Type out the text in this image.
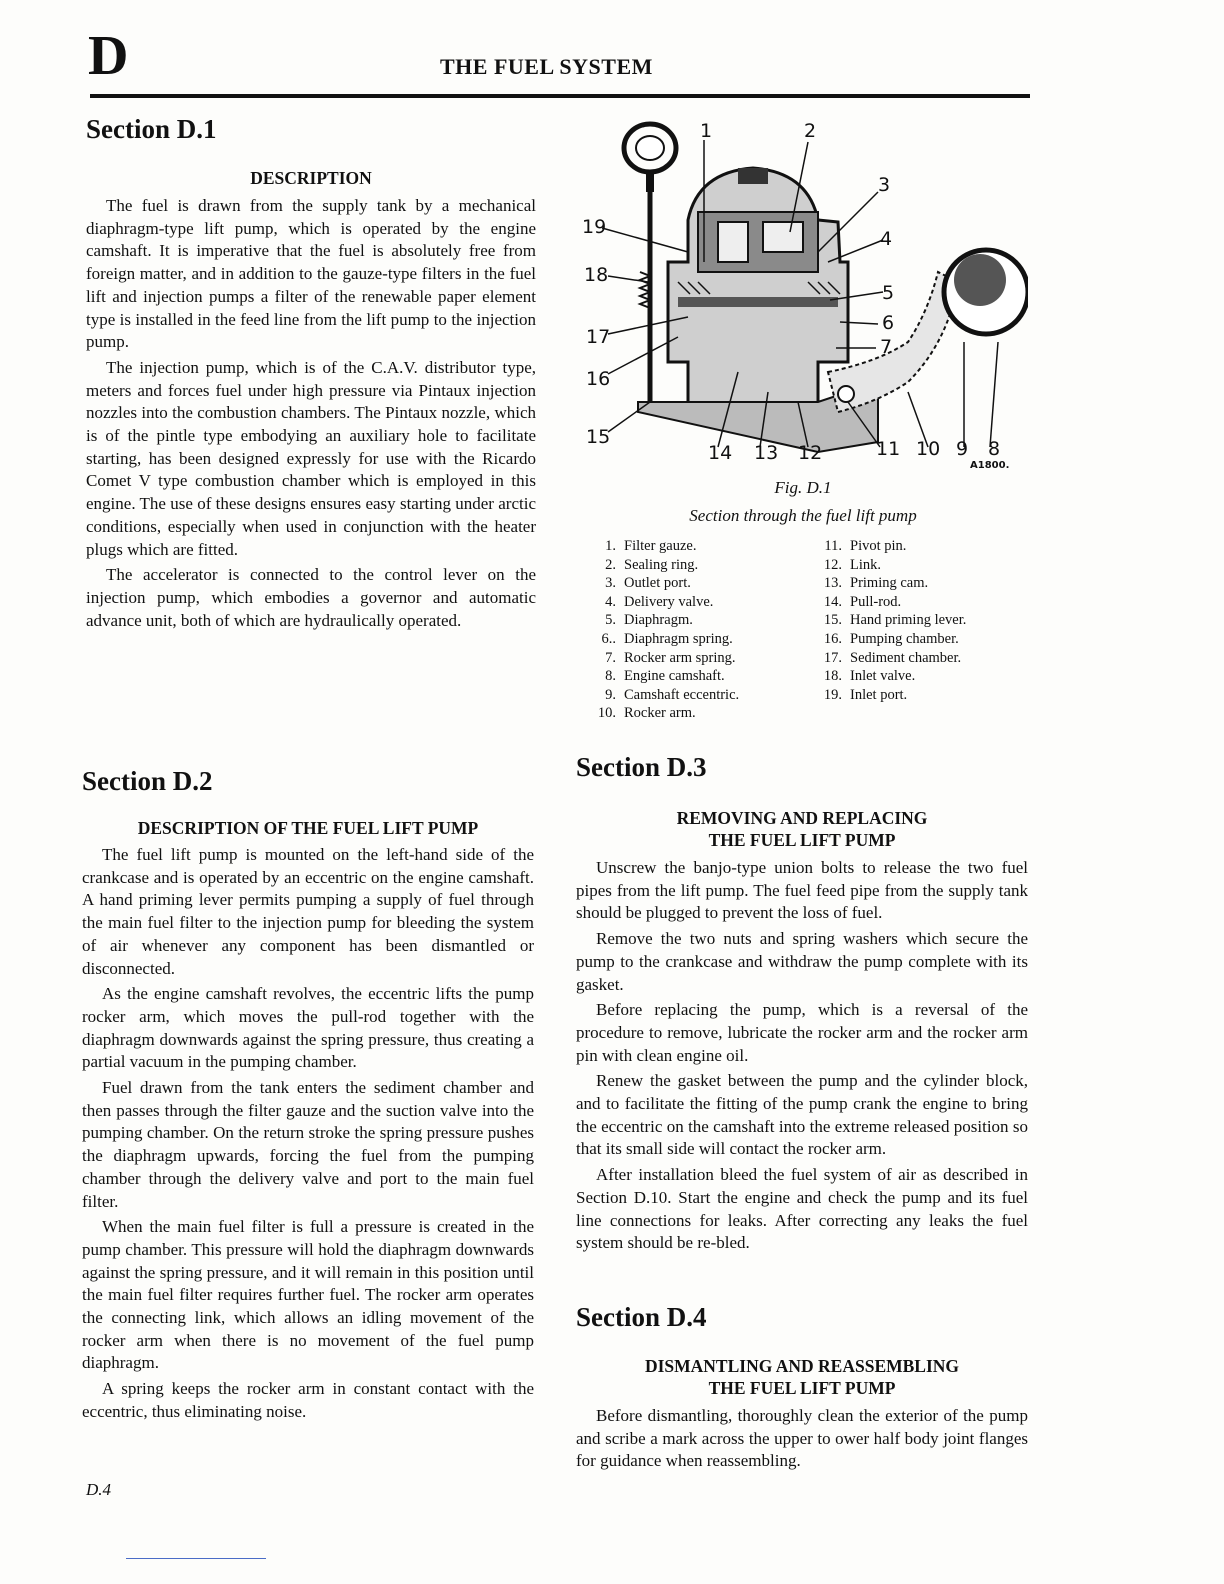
D	THE FUEL SYSTEM
Section D.1
DESCRIPTION

The fuel is drawn from the supply tank by a mechanical diaphragm-type lift pump, which is operated by the engine camshaft. It is imperative that the fuel is absolutely free from foreign matter, and in addition to the gauze-type filters in the fuel lift and injection pumps a filter of the renewable paper element type is installed in the feed line from the lift pump to the injection pump.

The injection pump, which is of the C.A.V. distributor type, meters and forces fuel under high pressure via Pintaux injection nozzles into the combustion chambers. The Pintaux nozzle, which is of the pintle type embodying an auxiliary hole to facilitate starting, has been designed expressly for use with the Ricardo Comet V type combustion chamber which is employed in this engine. The use of these designs ensures easy starting under arctic conditions, especially when used in conjunction with the heater plugs which are fitted.

The accelerator is connected to the control lever on the injection pump, which embodies a governor and automatic advance unit, both of which are hydraulically operated.

1	2
3
4
5
6
7
8
9
10
11
12
13
14
15
16
17
18
19
A1800.
Fig. D.1
Section through the fuel lift pump
1. Filter gauze.
2. Sealing ring.
3. Outlet port.
4. Delivery valve.
5. Diaphragm.
6.. Diaphragm spring.
7. Rocker arm spring.
8. Engine camshaft.
9. Camshaft eccentric.
10. Rocker arm.
11. Pivot pin.
12. Link.
13. Priming cam.
14. Pull-rod.
15. Hand priming lever.
16. Pumping chamber.
17. Sediment chamber.
18. Inlet valve.
19. Inlet port.
Section D.2
DESCRIPTION OF THE FUEL LIFT PUMP

The fuel lift pump is mounted on the left-hand side of the crankcase and is operated by an eccentric on the engine camshaft. A hand priming lever permits pumping a supply of fuel through the main fuel filter to the injection pump for bleeding the system of air whenever any component has been dismantled or disconnected.

As the engine camshaft revolves, the eccentric lifts the pump rocker arm, which moves the pull-rod together with the diaphragm downwards against the spring pressure, thus creating a partial vacuum in the pumping chamber.

Fuel drawn from the tank enters the sediment chamber and then passes through the filter gauze and the suction valve into the pumping chamber. On the return stroke the spring pressure pushes the diaphragm upwards, forcing the fuel from the pumping chamber through the delivery valve and port to the main fuel filter.

When the main fuel filter is full a pressure is created in the pump chamber. This pressure will hold the diaphragm downwards against the spring pressure, and it will remain in this position until the main fuel filter requires further fuel. The rocker arm operates the connecting link, which allows an idling movement of the rocker arm when there is no movement of the fuel pump diaphragm.

A spring keeps the rocker arm in constant contact with the eccentric, thus eliminating noise.

Section D.3
REMOVING AND REPLACING
THE FUEL LIFT PUMP

Unscrew the banjo-type union bolts to release the two fuel pipes from the lift pump. The fuel feed pipe from the supply tank should be plugged to prevent the loss of fuel.

Remove the two nuts and spring washers which secure the pump to the crankcase and withdraw the pump complete with its gasket.

Before replacing the pump, which is a reversal of the procedure to remove, lubricate the rocker arm and the rocker arm pin with clean engine oil.

Renew the gasket between the pump and the cylinder block, and to facilitate the fitting of the pump crank the engine to bring the eccentric on the camshaft into the extreme released position so that its small side will contact the rocker arm.

After installation bleed the fuel system of air as described in Section D.10. Start the engine and check the pump and its fuel line connections for leaks. After correcting any leaks the fuel system should be re-bled.

Section D.4
DISMANTLING AND REASSEMBLING
THE FUEL LIFT PUMP

Before dismantling, thoroughly clean the exterior of the pump and scribe a mark across the upper to ower half body joint flanges for guidance when reassembling.

D.4
